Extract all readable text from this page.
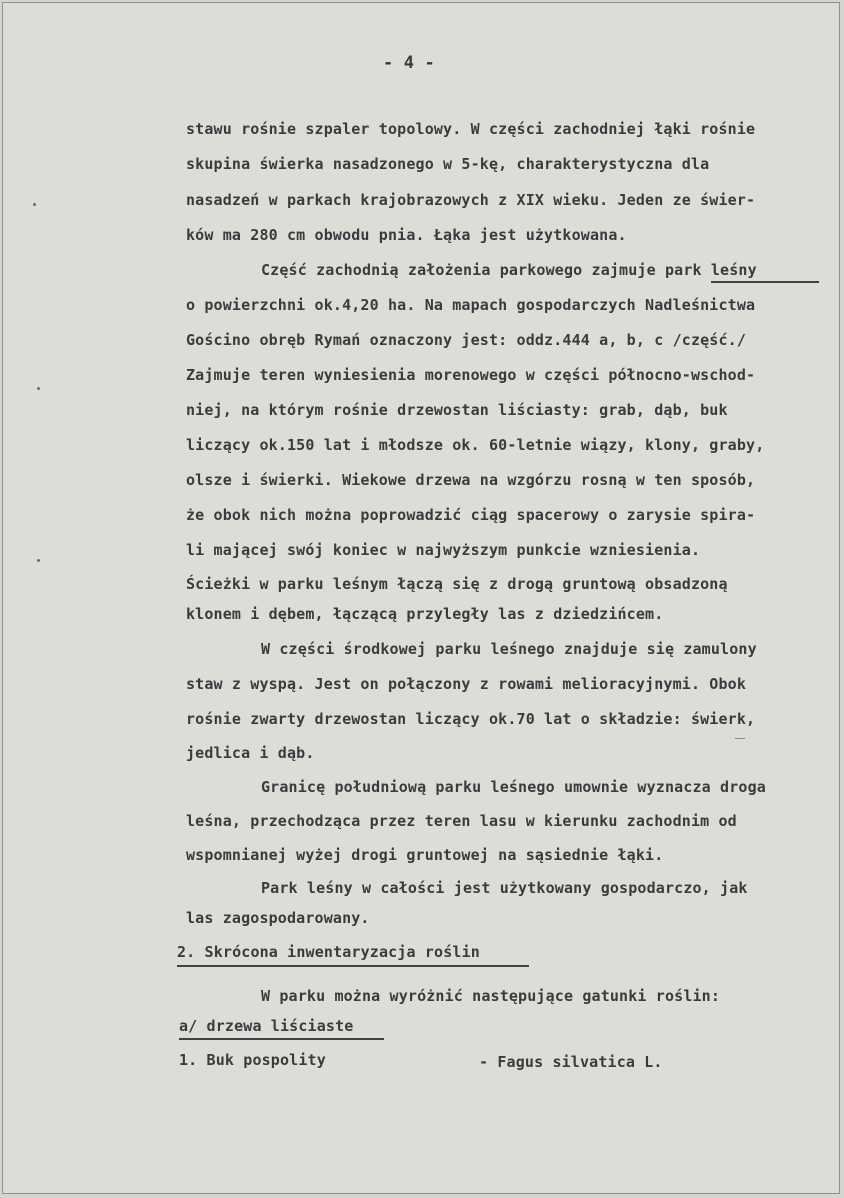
- 4 -
stawu rośnie szpaler topolowy. W części zachodniej łąki rośnie
skupina świerka nasadzonego w 5-kę, charakterystyczna dla
nasadzeń w parkach krajobrazowych z XIX wieku. Jeden ze świer-
ków ma 280 cm obwodu pnia. Łąka jest użytkowana.
Część zachodnią założenia parkowego zajmuje park leśny
o powierzchni ok.4,20 ha. Na mapach gospodarczych Nadleśnictwa
Gościno obręb Rymań oznaczony jest: oddz.444 a, b, c /część./
Zajmuje teren wyniesienia morenowego w części północno-wschod-
niej, na którym rośnie drzewostan liściasty: grab, dąb, buk
liczący ok.150 lat i młodsze ok. 60-letnie wiązy, klony, graby,
olsze i świerki. Wiekowe drzewa na wzgórzu rosną w ten sposób,
że obok nich można poprowadzić ciąg spacerowy o zarysie spira-
li mającej swój koniec w najwyższym punkcie wzniesienia.
Ścieżki w parku leśnym łączą się z drogą gruntową obsadzoną
klonem i dębem, łączącą przyległy las z dziedzińcem.
W części środkowej parku leśnego znajduje się zamulony
staw z wyspą. Jest on połączony z rowami melioracyjnymi. Obok
rośnie zwarty drzewostan liczący ok.70 lat o składzie: świerk,
jedlica i dąb.
Granicę południową parku leśnego umownie wyznacza droga
leśna, przechodząca przez teren lasu w kierunku zachodnim od
wspomnianej wyżej drogi gruntowej na sąsiednie łąki.
Park leśny w całości jest użytkowany gospodarczo, jak
las zagospodarowany.
2. Skrócona inwentaryzacja roślin
W parku można wyróżnić następujące gatunki roślin:
a/ drzewa liściaste
1. Buk pospolity	- Fagus silvatica L.
